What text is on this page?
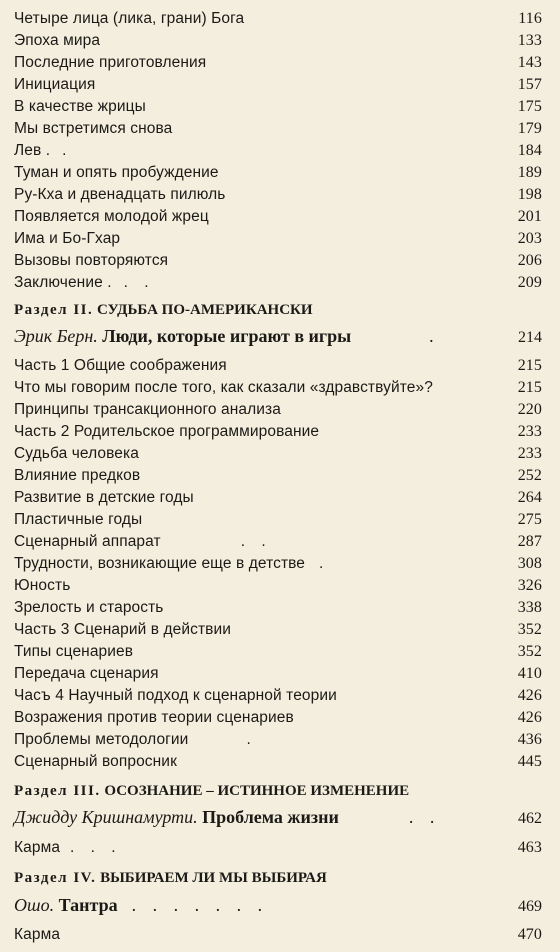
Четыре лица (лика, грани) Бога	116
Эпоха мира	133
Последние приготовления	143
Инициация	157
В качестве жрицы	175
Мы встретимся снова	179
Лев . .	184
Туман и опять пробуждение	189
Ру-Кха и двенадцать пилюль	198
Появляется молодой жрец	201
Има и Бо-Гхар	203
Вызовы повторяются	206
Заключение . . .	209
Раздел II.
СУДЬБА ПО-АМЕРИКАНСКИ
Эрик Берн.
Люди, которые играют в игры	.	214
Часть 1 Общие соображения	215
Что мы говорим после того, как сказали «здравствуйте»?	215
Принципы трансакционного анализа	220
Часть 2 Родительское программирование	233
Судьба человека	233
Влияние предков	252
Развитие в детские годы	264
Пластичные годы	275
Сценарный аппарат	. .	287
Трудности, возникающие еще в детстве .	308
Юность	326
Зрелость и старость	338
Часть 3 Сценарий в действии	352
Типы сценариев	352
Передача сценария	410
Часъ 4 Научный подход к сценарной теории	426
Возражения против теории сценариев	426
Проблемы методологии	.	436
Сценарный вопросник	445
Раздел III.
ОСОЗНАНИЕ – ИСТИННОЕ ИЗМЕНЕНИЕ
Джидду Кришнамурти.
Проблема жизни	. .	462
Карма . . .	463
Раздел IV.
ВЫБИРАЕМ ЛИ МЫ ВЫБИРАЯ
Ошо.
Тантра . . . . . . .	469
Карма	470
